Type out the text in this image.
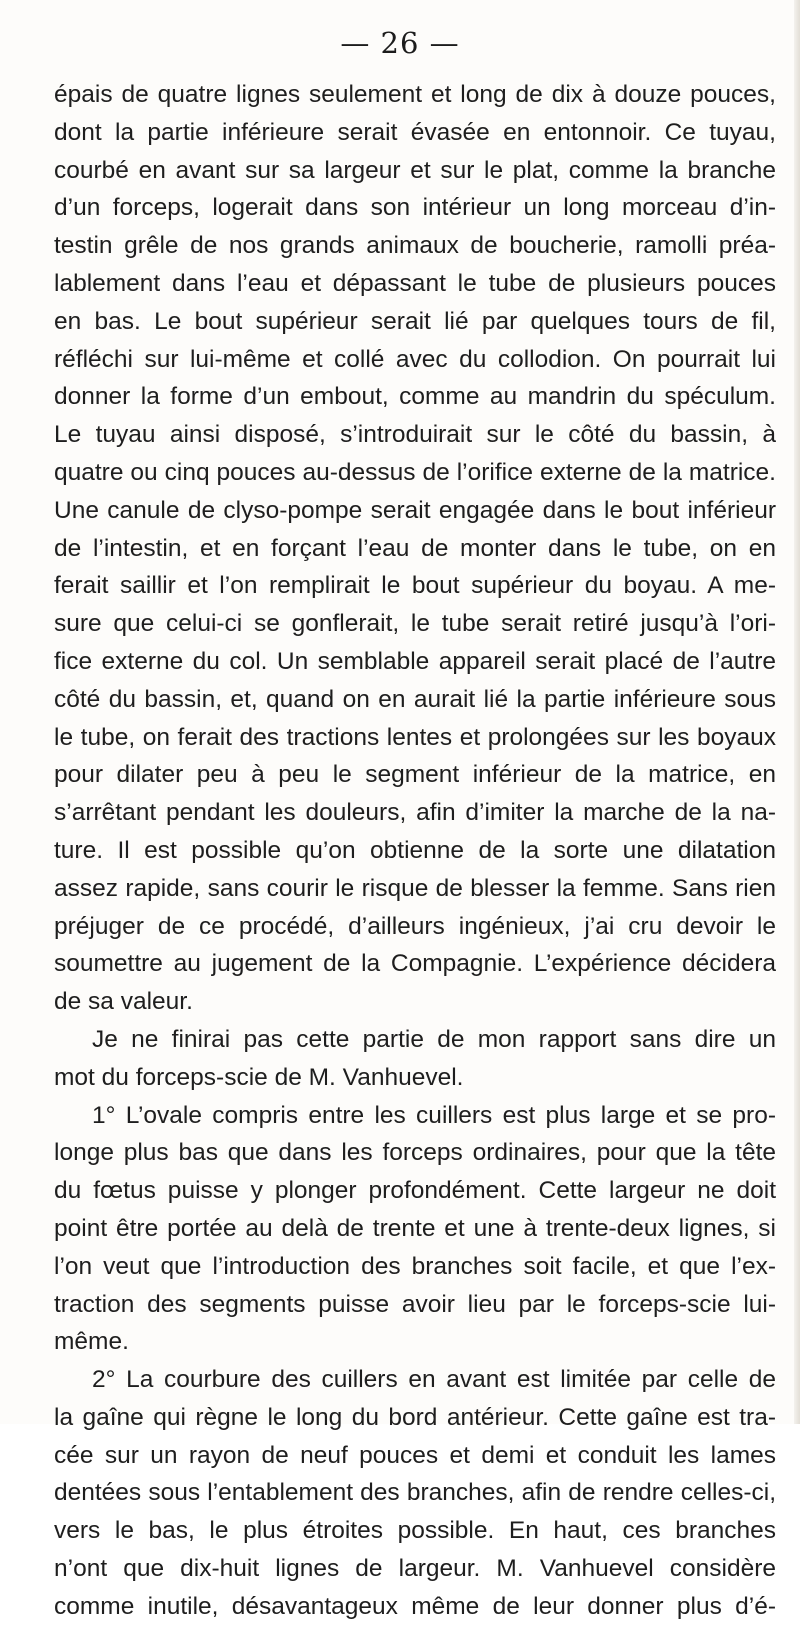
— 26 —
épais de quatre lignes seulement et long de dix à douze pouces,
dont la partie inférieure serait évasée en entonnoir. Ce tuyau,
courbé en avant sur sa largeur et sur le plat, comme la branche
d’un forceps, logerait dans son intérieur un long morceau d’in-
testin grêle de nos grands animaux de boucherie, ramolli préa-
lablement dans l’eau et dépassant le tube de plusieurs pouces
en bas. Le bout supérieur serait lié par quelques tours de fil,
réfléchi sur lui-même et collé avec du collodion. On pourrait lui
donner la forme d’un embout, comme au mandrin du spéculum.
Le tuyau ainsi disposé, s’introduirait sur le côté du bassin, à
quatre ou cinq pouces au-dessus de l’orifice externe de la matrice.
Une canule de clyso-pompe serait engagée dans le bout inférieur
de l’intestin, et en forçant l’eau de monter dans le tube, on en
ferait saillir et l’on remplirait le bout supérieur du boyau. A me-
sure que celui-ci se gonflerait, le tube serait retiré jusqu’à l’ori-
fice externe du col. Un semblable appareil serait placé de l’autre
côté du bassin, et, quand on en aurait lié la partie inférieure sous
le tube, on ferait des tractions lentes et prolongées sur les boyaux
pour dilater peu à peu le segment inférieur de la matrice, en
s’arrêtant pendant les douleurs, afin d’imiter la marche de la na-
ture. Il est possible qu’on obtienne de la sorte une dilatation
assez rapide, sans courir le risque de blesser la femme. Sans rien
préjuger de ce procédé, d’ailleurs ingénieux, j’ai cru devoir le
soumettre au jugement de la Compagnie. L’expérience décidera
de sa valeur.
Je ne finirai pas cette partie de mon rapport sans dire un
mot du forceps-scie de M. Vanhuevel.
1° L’ovale compris entre les cuillers est plus large et se pro-
longe plus bas que dans les forceps ordinaires, pour que la tête
du fœtus puisse y plonger profondément. Cette largeur ne doit
point être portée au delà de trente et une à trente-deux lignes, si
l’on veut que l’introduction des branches soit facile, et que l’ex-
traction des segments puisse avoir lieu par le forceps-scie lui-
même.
2° La courbure des cuillers en avant est limitée par celle de
la gaîne qui règne le long du bord antérieur. Cette gaîne est tra-
cée sur un rayon de neuf pouces et demi et conduit les lames
dentées sous l’entablement des branches, afin de rendre celles-ci,
vers le bas, le plus étroites possible. En haut, ces branches
n’ont que dix-huit lignes de largeur. M. Vanhuevel considère
comme inutile, désavantageux même de leur donner plus d’é-
